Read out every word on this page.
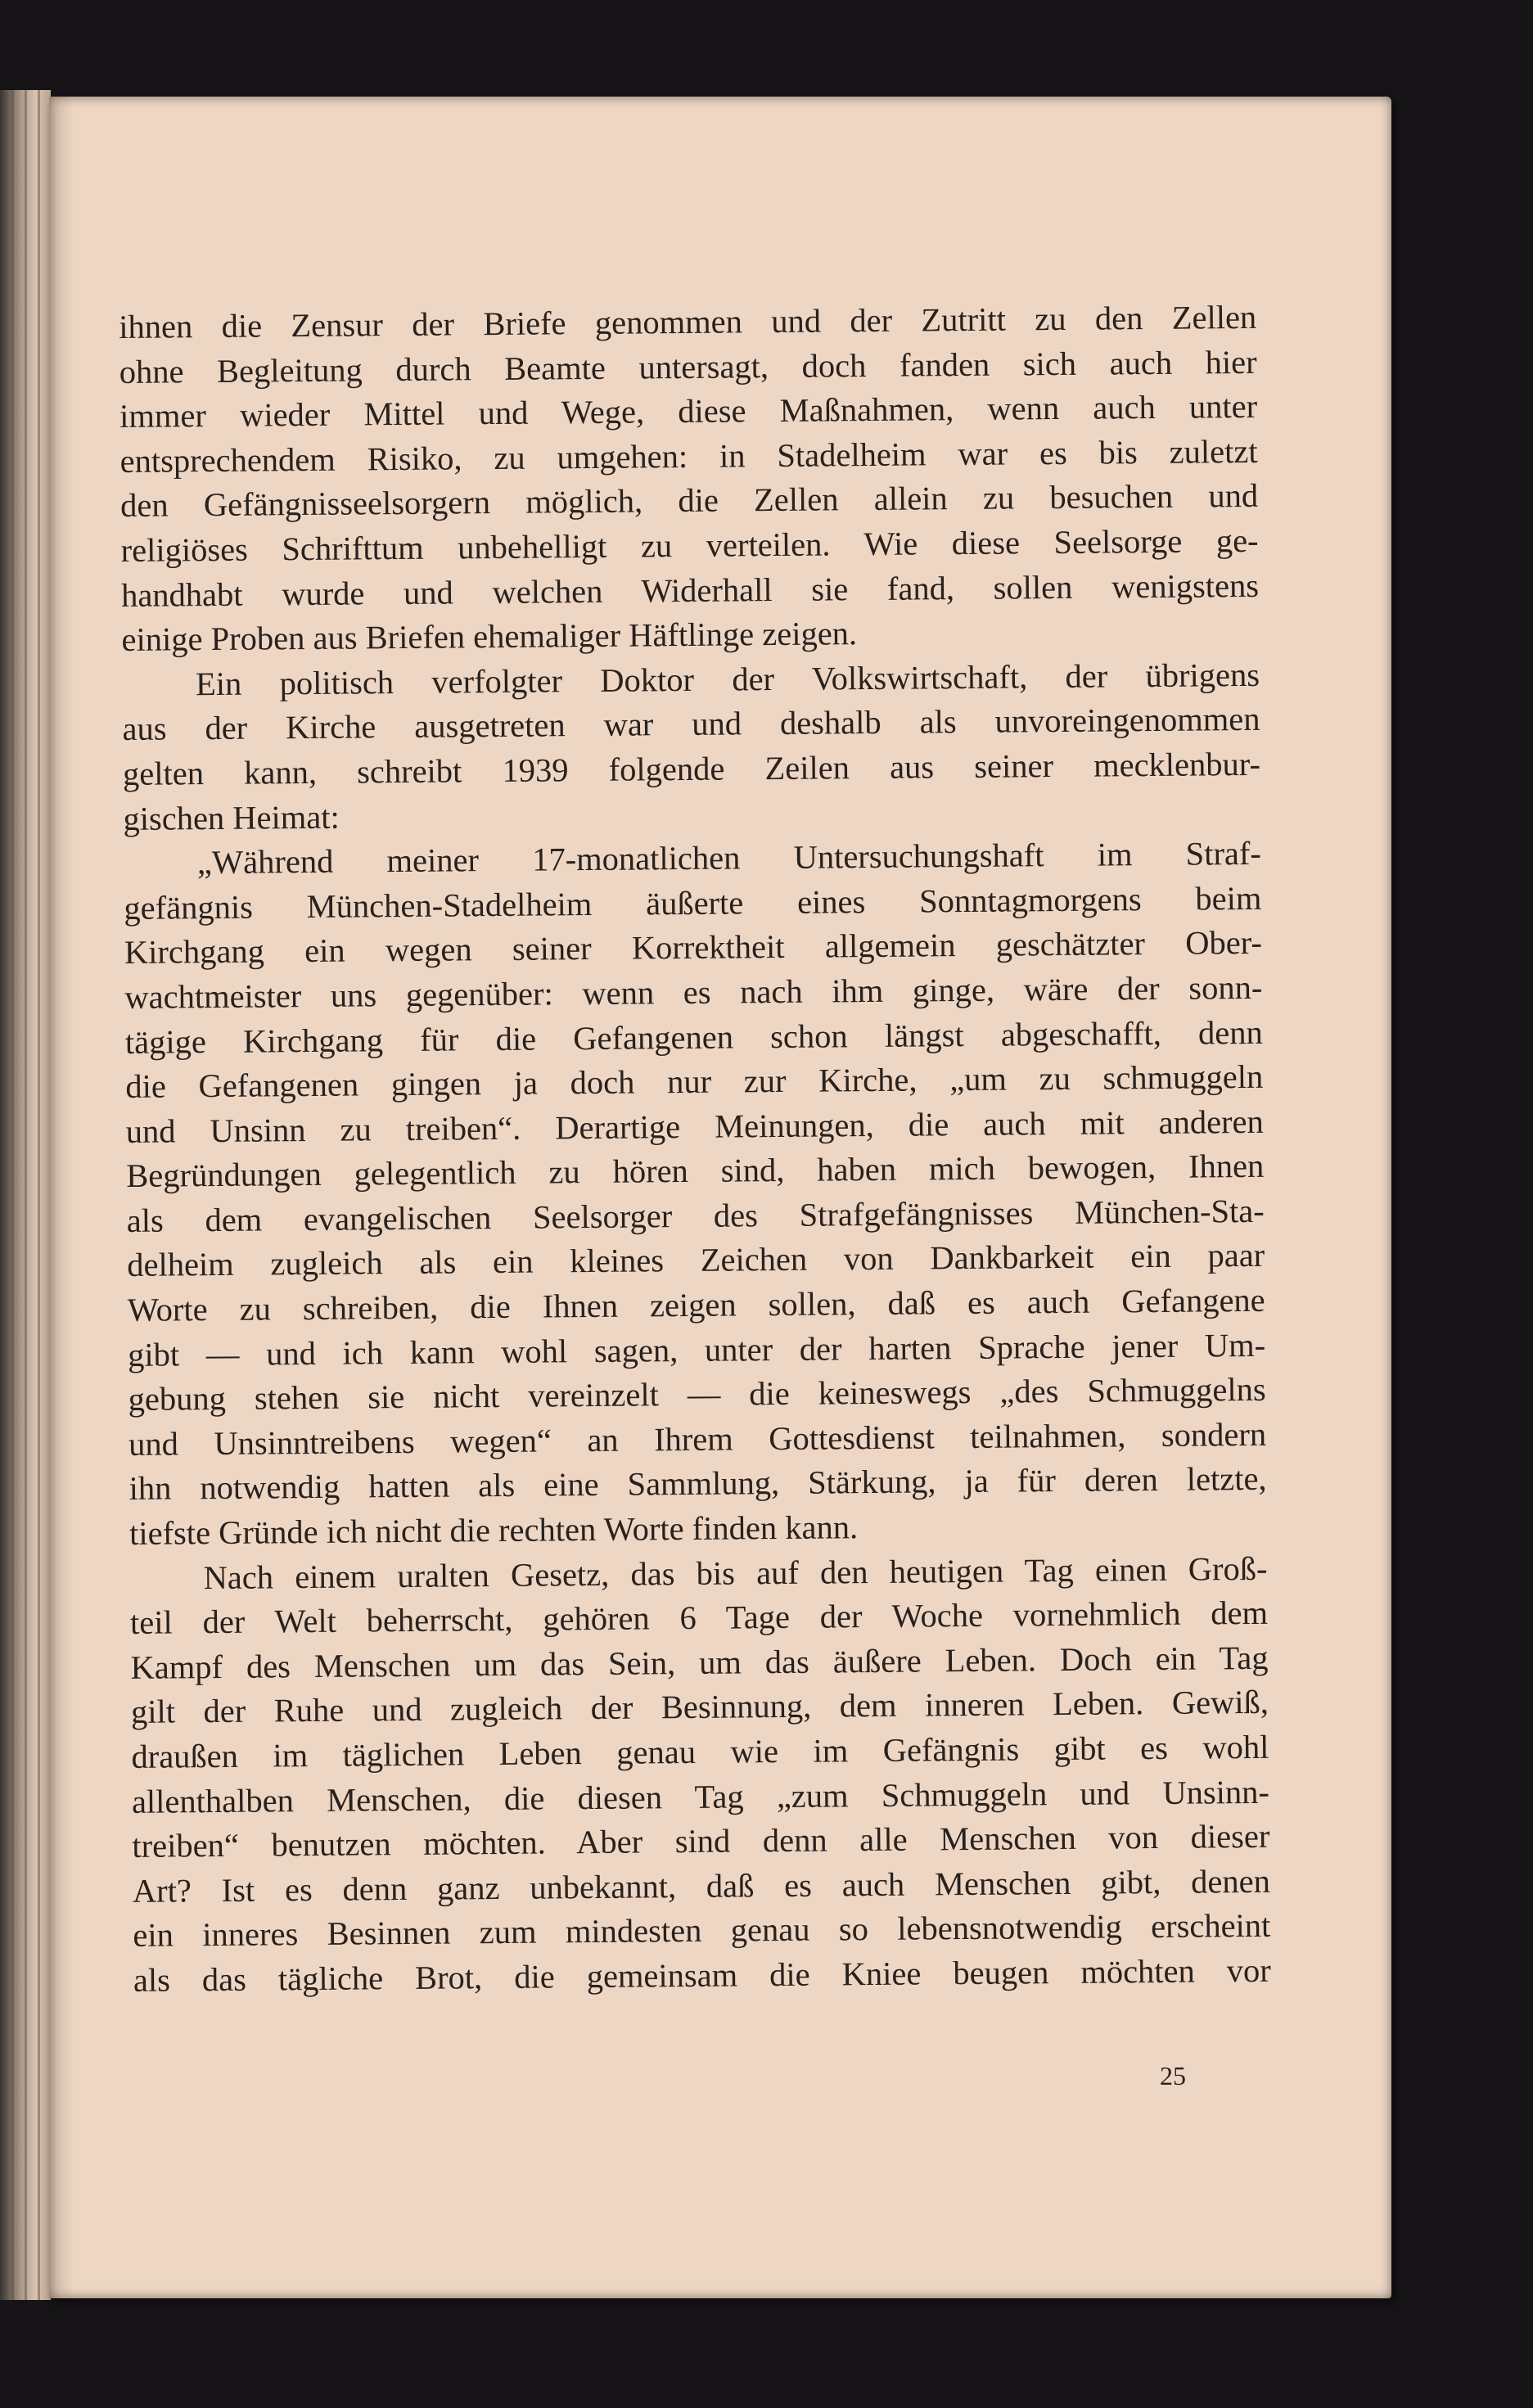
ihnen die Zensur der Briefe genommen und der Zutritt zu den Zellen
ohne Begleitung durch Beamte untersagt, doch fanden sich auch hier
immer wieder Mittel und Wege, diese Maßnahmen, wenn auch unter
entsprechendem Risiko, zu umgehen: in Stadelheim war es bis zuletzt
den Gefängnisseelsorgern möglich, die Zellen allein zu besuchen und
religiöses Schrifttum unbehelligt zu verteilen. Wie diese Seelsorge ge-
handhabt wurde und welchen Widerhall sie fand, sollen wenigstens
einige Proben aus Briefen ehemaliger Häftlinge zeigen.
Ein politisch verfolgter Doktor der Volkswirtschaft, der übrigens
aus der Kirche ausgetreten war und deshalb als unvoreingenommen
gelten kann, schreibt 1939 folgende Zeilen aus seiner mecklenbur-
gischen Heimat:
„Während meiner 17-monatlichen Untersuchungshaft im Straf-
gefängnis München-Stadelheim äußerte eines Sonntagmorgens beim
Kirchgang ein wegen seiner Korrektheit allgemein geschätzter Ober-
wachtmeister uns gegenüber: wenn es nach ihm ginge, wäre der sonn-
tägige Kirchgang für die Gefangenen schon längst abgeschafft, denn
die Gefangenen gingen ja doch nur zur Kirche, „um zu schmuggeln
und Unsinn zu treiben“. Derartige Meinungen, die auch mit anderen
Begründungen gelegentlich zu hören sind, haben mich bewogen, Ihnen
als dem evangelischen Seelsorger des Strafgefängnisses München-Sta-
delheim zugleich als ein kleines Zeichen von Dankbarkeit ein paar
Worte zu schreiben, die Ihnen zeigen sollen, daß es auch Gefangene
gibt — und ich kann wohl sagen, unter der harten Sprache jener Um-
gebung stehen sie nicht vereinzelt — die keineswegs „des Schmuggelns
und Unsinntreibens wegen“ an Ihrem Gottesdienst teilnahmen, sondern
ihn notwendig hatten als eine Sammlung, Stärkung, ja für deren letzte,
tiefste Gründe ich nicht die rechten Worte finden kann.
Nach einem uralten Gesetz, das bis auf den heutigen Tag einen Groß-
teil der Welt beherrscht, gehören 6 Tage der Woche vornehmlich dem
Kampf des Menschen um das Sein, um das äußere Leben. Doch ein Tag
gilt der Ruhe und zugleich der Besinnung, dem inneren Leben. Gewiß,
draußen im täglichen Leben genau wie im Gefängnis gibt es wohl
allenthalben Menschen, die diesen Tag „zum Schmuggeln und Unsinn-
treiben“ benutzen möchten. Aber sind denn alle Menschen von dieser
Art? Ist es denn ganz unbekannt, daß es auch Menschen gibt, denen
ein inneres Besinnen zum mindesten genau so lebensnotwendig erscheint
als das tägliche Brot, die gemeinsam die Kniee beugen möchten vor
25
